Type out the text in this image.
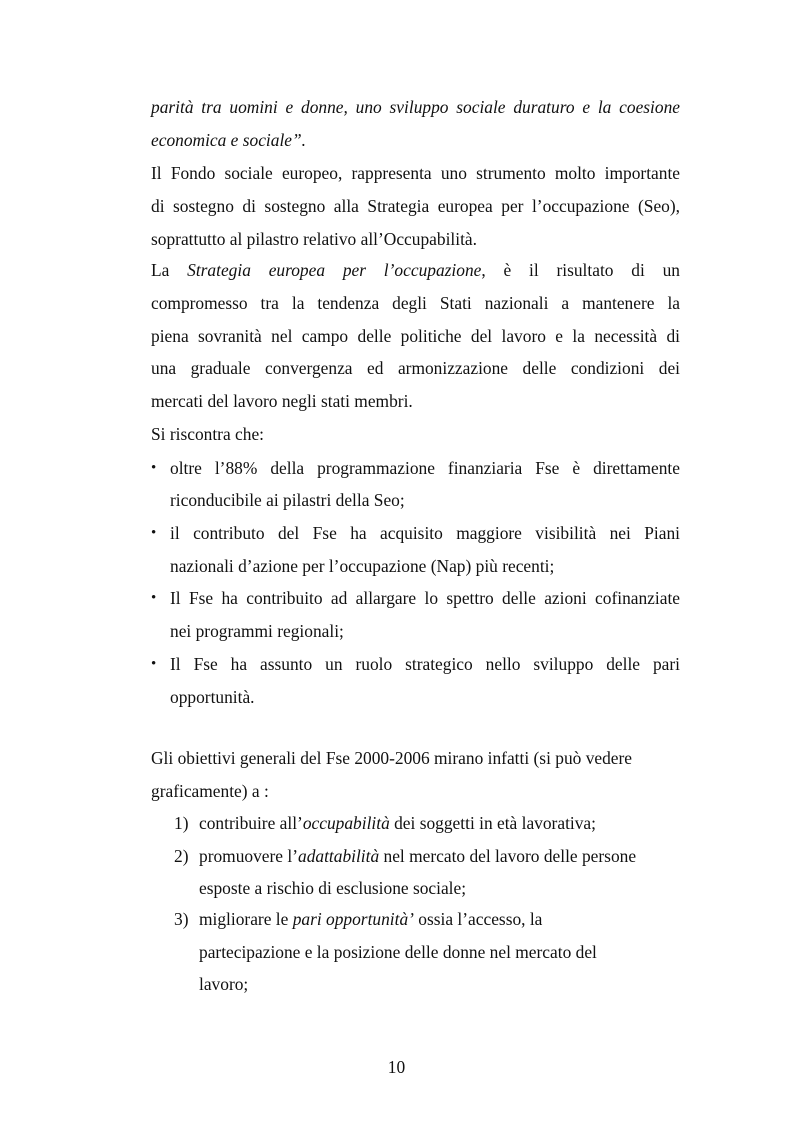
parità tra uomini e donne, uno sviluppo sociale duraturo e la coesione
economica e sociale”.
Il Fondo sociale europeo, rappresenta uno strumento molto importante
di sostegno di sostegno alla Strategia europea per l’occupazione (Seo),
soprattutto al pilastro relativo all’Occupabilità.
La Strategia europea per l’occupazione, è il risultato di un
compromesso tra la tendenza degli Stati nazionali a mantenere la
piena sovranità nel campo delle politiche del lavoro e la necessità di
una graduale convergenza ed armonizzazione delle condizioni dei
mercati del lavoro negli stati membri.
Si riscontra che:
• oltre l’88% della programmazione finanziaria Fse è direttamente
riconducibile ai pilastri della Seo;
• il contributo del Fse ha acquisito maggiore visibilità nei Piani
nazionali d’azione per l’occupazione (Nap) più recenti;
• Il Fse ha contribuito ad allargare lo spettro delle azioni cofinanziate
nei programmi regionali;
• Il Fse ha assunto un ruolo strategico nello sviluppo delle pari
opportunità.
Gli obiettivi generali del Fse 2000-2006 mirano infatti (si può vedere
graficamente) a :
1) contribuire all’occupabilità dei soggetti in età lavorativa;
2) promuovere l’adattabilità nel mercato del lavoro delle persone
esposte a rischio di esclusione sociale;
3) migliorare le pari opportunità’ ossia l’accesso, la
partecipazione e la posizione delle donne nel mercato del
lavoro;
10
